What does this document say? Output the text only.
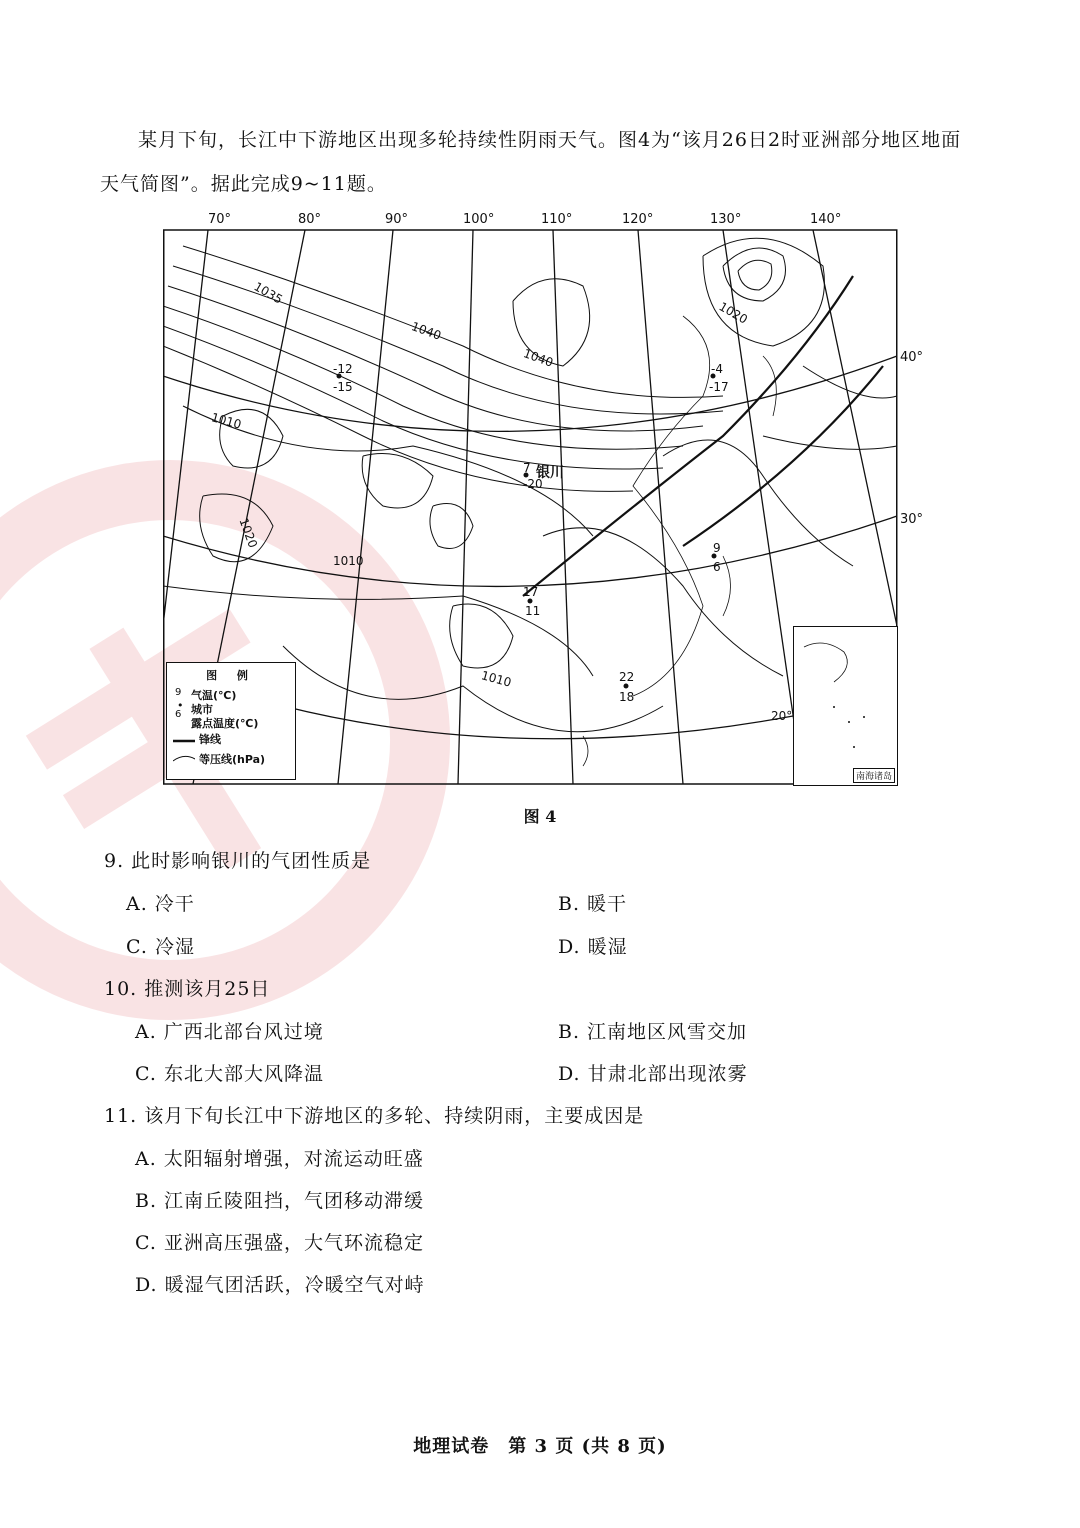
某月下旬，长江中下游地区出现多轮持续性阴雨天气。图4为“该月26日2时亚洲部分地区地面

天气简图”。据此完成9~11题。
70°	80°	90°	100°	110°	120°	130°	140°
40°
30°
1035
1040
1040
1020
1010
1020
1010
1010
-12
-15
-4
-17
7
-20
银川
9
6
17
11
22
18
20°
图 例
9
•
6
气温(℃)
城市
露点温度(℃)
锋线
等压线(hPa)
南海诸岛
图 4
9. 此时影响银川的气团性质是
A. 冷干	B. 暖干
C. 冷湿	D. 暖湿
10. 推测该月25日
A. 广西北部台风过境	B. 江南地区风雪交加
C. 东北大部大风降温	D. 甘肃北部出现浓雾
11. 该月下旬长江中下游地区的多轮、持续阴雨，主要成因是
A. 太阳辐射增强，对流运动旺盛
B. 江南丘陵阻挡，气团移动滞缓
C. 亚洲高压强盛，大气环流稳定
D. 暖湿气团活跃，冷暖空气对峙
地理试卷　第 3 页 (共 8 页)
